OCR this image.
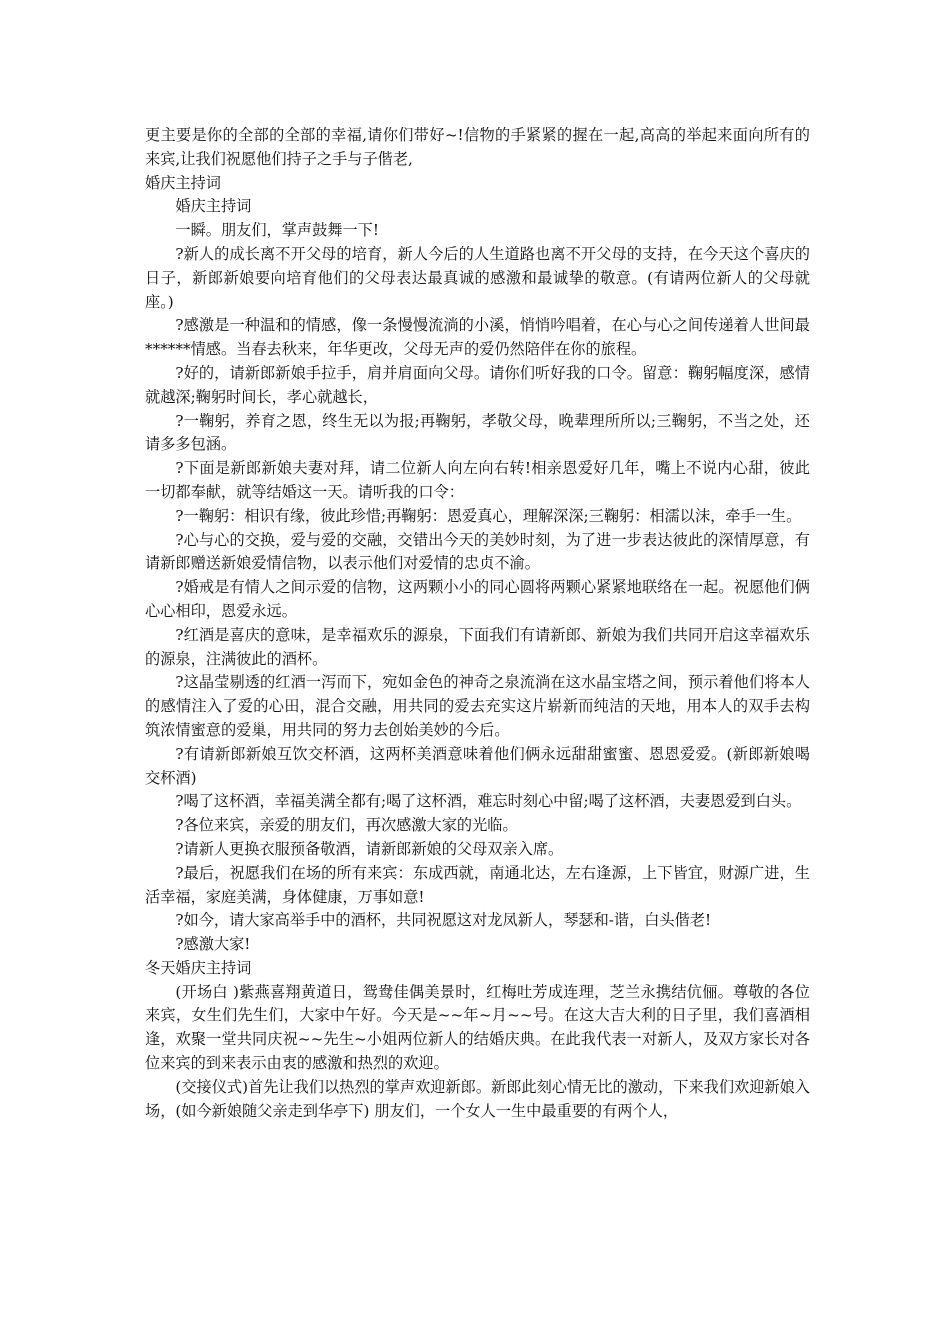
更主要是你的全部的全部的幸福,请你们带好~!信物的手紧紧的握在一起,高高的举起来面向所有的来宾,让我们祝愿他们持子之手与子偕老,

婚庆主持词

婚庆主持词

一瞬。朋友们，掌声鼓舞一下!

?新人的成长离不开父母的培育，新人今后的人生道路也离不开父母的支持，在今天这个喜庆的日子，新郎新娘要向培育他们的父母表达最真诚的感激和最诚挚的敬意。(有请两位新人的父母就座。)

?感激是一种温和的情感，像一条慢慢流淌的小溪，悄悄吟唱着，在心与心之间传递着人世间最******情感。当春去秋来，年华更改，父母无声的爱仍然陪伴在你的旅程。

?好的，请新郎新娘手拉手，肩并肩面向父母。请你们听好我的口令。留意：鞠躬幅度深，感情就越深;鞠躬时间长，孝心就越长，

?一鞠躬，养育之恩，终生无以为报;再鞠躬，孝敬父母，晚辈理所所以;三鞠躬，不当之处，还请多多包涵。

?下面是新郎新娘夫妻对拜，请二位新人向左向右转!相亲恩爱好几年，嘴上不说内心甜，彼此一切都奉献，就等结婚这一天。请听我的口令：

?一鞠躬：相识有缘，彼此珍惜;再鞠躬：恩爱真心，理解深深;三鞠躬：相濡以沫，牵手一生。

?心与心的交换，爱与爱的交融，交错出今天的美妙时刻，为了进一步表达彼此的深情厚意，有请新郎赠送新娘爱情信物，以表示他们对爱情的忠贞不渝。

?婚戒是有情人之间示爱的信物，这两颗小小的同心圆将两颗心紧紧地联络在一起。祝愿他们俩心心相印，恩爱永远。

?红酒是喜庆的意味，是幸福欢乐的源泉，下面我们有请新郎、新娘为我们共同开启这幸福欢乐的源泉，注满彼此的酒杯。

?这晶莹剔透的红酒一泻而下，宛如金色的神奇之泉流淌在这水晶宝塔之间，预示着他们将本人的感情注入了爱的心田，混合交融，用共同的爱去充实这片崭新而纯洁的天地，用本人的双手去构筑浓情蜜意的爱巢，用共同的努力去创始美妙的今后。

?有请新郎新娘互饮交杯酒，这两杯美酒意味着他们俩永远甜甜蜜蜜、恩恩爱爱。(新郎新娘喝交杯酒)

?喝了这杯酒，幸福美满全都有;喝了这杯酒，难忘时刻心中留;喝了这杯酒，夫妻恩爱到白头。

?各位来宾，亲爱的朋友们，再次感激大家的光临。

?请新人更换衣服预备敬酒，请新郎新娘的父母双亲入席。

?最后，祝愿我们在场的所有来宾：东成西就，南通北达，左右逢源，上下皆宜，财源广进，生活幸福，家庭美满，身体健康，万事如意!

?如今，请大家高举手中的酒杯，共同祝愿这对龙凤新人，琴瑟和-谐，白头偕老!

?感激大家!

冬天婚庆主持词

(开场白 )紫燕喜翔黄道日，鸳鸯佳偶美景时，红梅吐芳成连理，芝兰永携结伉俪。尊敬的各位来宾，女生们先生们，大家中午好。今天是~~年~月~~号。在这大吉大利的日子里，我们喜酒相逢，欢聚一堂共同庆祝~~先生~小姐两位新人的结婚庆典。在此我代表一对新人，及双方家长对各位来宾的到来表示由衷的感激和热烈的欢迎。

(交接仪式)首先让我们以热烈的掌声欢迎新郎。新郎此刻心情无比的激动，下来我们欢迎新娘入场，(如今新娘随父亲走到华亭下) 朋友们，一个女人一生中最重要的有两个人，
